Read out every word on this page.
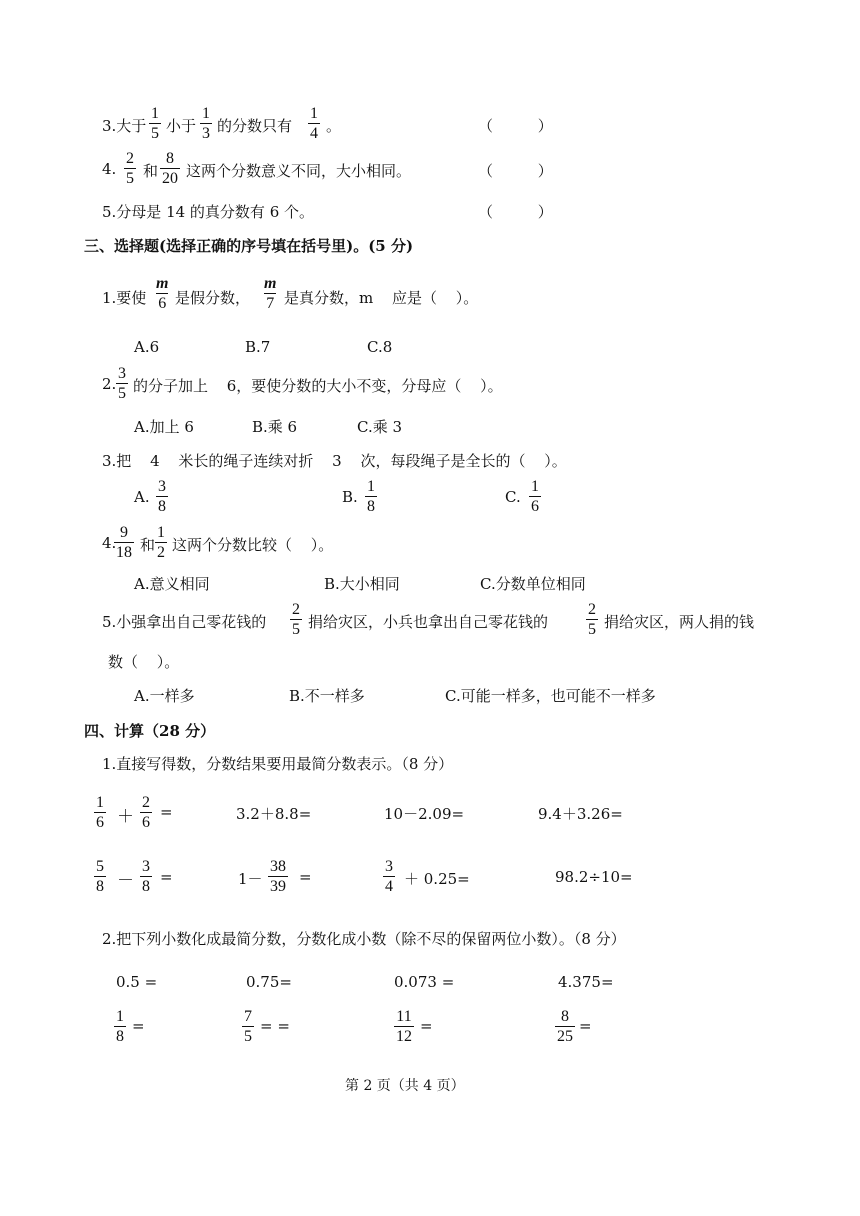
3.大于 $\frac{1}{5}$ 小于 $\frac{1}{3}$ 的分数只有 $\frac{1}{4}$ 。	（ ）
4. $\frac{2}{5}$ 和 $\frac{8}{20}$ 这两个分数意义不同，大小相同。	（ ）
5.分母是 14 的真分数有 6 个。	（ ）
三、选择题(选择正确的序号填在括号里)。(5 分)
1.要使 $\frac{m}{6}$ 是假分数， $\frac{m}{7}$ 是真分数，m 应是（ ）。
A.6	B.7	C.8
2. $\frac{3}{5}$ 的分子加上 6，要使分数的大小不变，分母应（ ）。
A.加上 6	B.乘 6	C.乘 3
3.把 4 米长的绳子连续对折 3 次，每段绳子是全长的（ ）。
A. $\frac{3}{8}$	B. $\frac{1}{8}$	C. $\frac{1}{6}$
4.
$\frac{9}{18}$ 和 $\frac{1}{2}$ 这两个分数比较（ ）。
A.意义相同	B.大小相同	C.分数单位相同
5.小强拿出自己零花钱的 $\frac{2}{5}$ 捐给灾区，小兵也拿出自己零花钱的 $\frac{2}{5}$ 捐给灾区，两人捐的钱
数（ ）。
A.一样多	B.不一样多	C.可能一样多，也可能不一样多
四、计算（28 分）
1.直接写得数，分数结果要用最简分数表示。（8 分）
$\frac{1}{6} + \frac{2}{6}$ =	3.2＋8.8=	10－2.09=	9.4＋3.26=
$\frac{5}{8} - \frac{3}{8}$ =	$1- \frac{38}{39}$ =	$\frac{3}{4} + 0.25=$	98.2÷10=
2.把下列小数化成最简分数，分数化成小数（除不尽的保留两位小数）。（8 分）
0.5 =	0.75=	0.073 =	4.375=
$\frac{1}{8}$ =	$\frac{7}{5}$ = =	$\frac{11}{12}$ =	$\frac{8}{25}$ =
第 2 页（共 4 页）
